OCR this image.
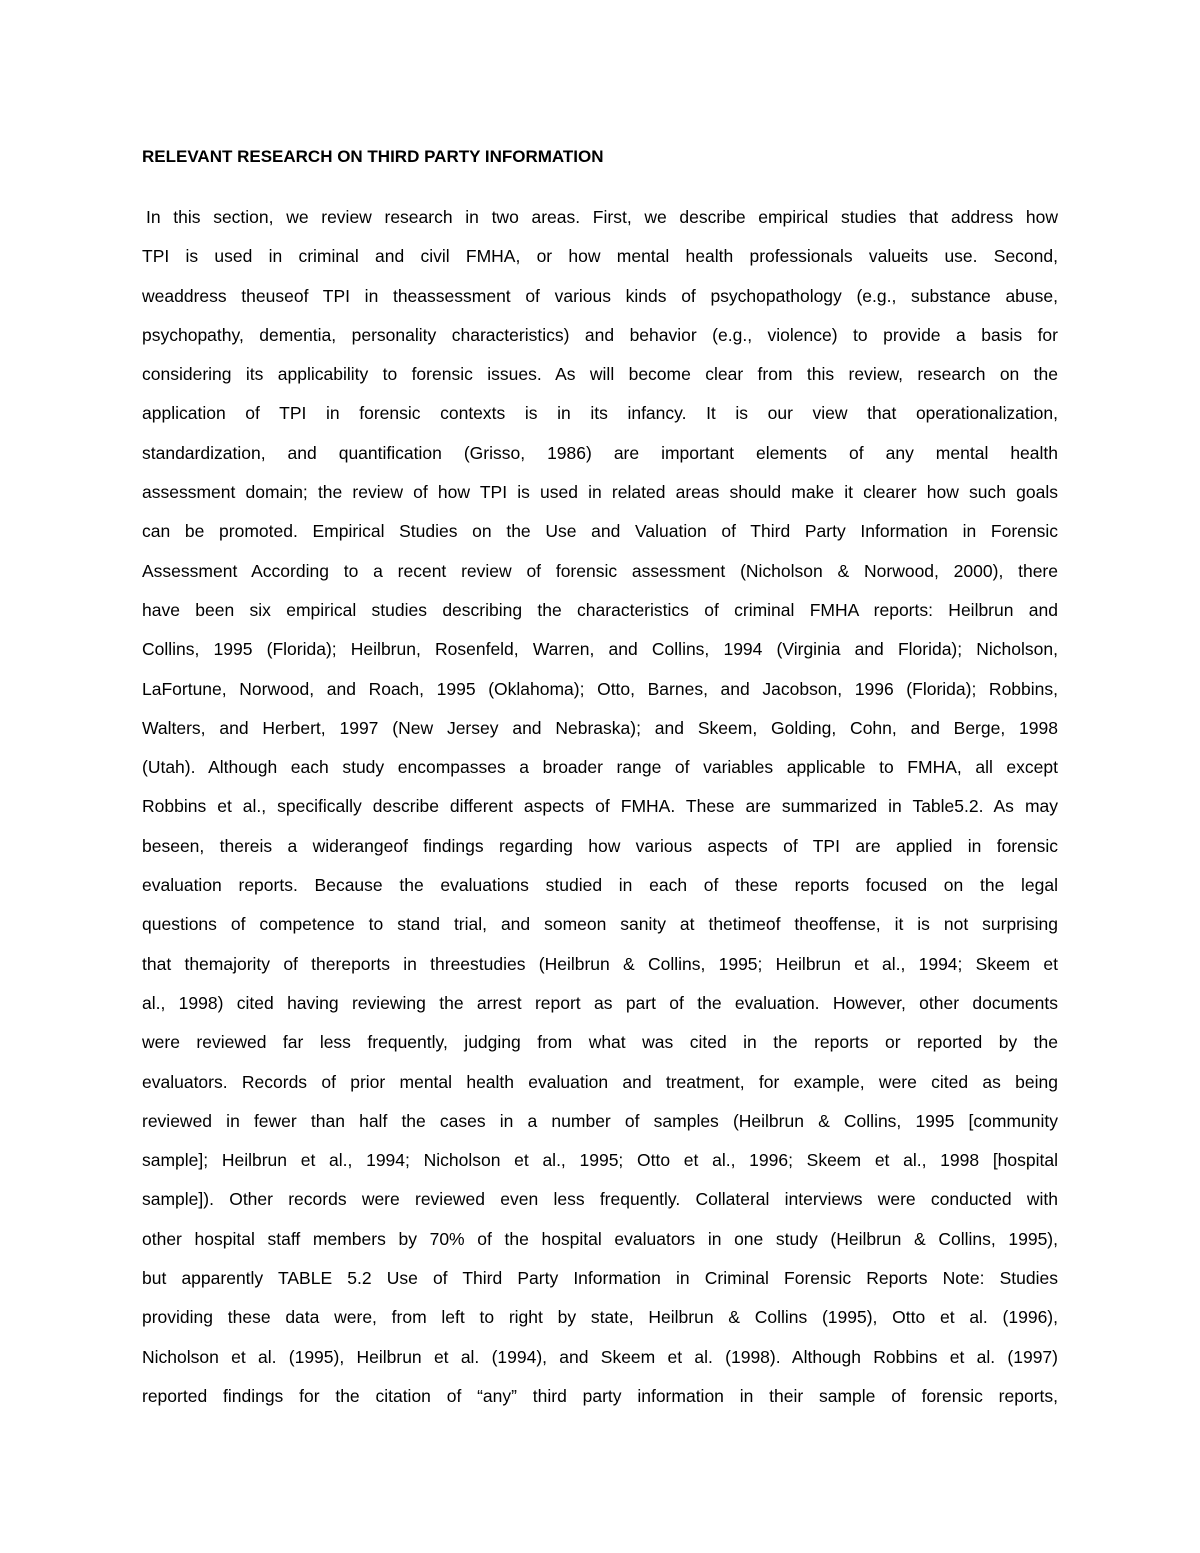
RELEVANT RESEARCH ON THIRD PARTY INFORMATION
In this section, we review research in two areas. First, we describe empirical studies that address how
TPI is used in criminal and civil FMHA, or how mental health professionals valueits use. Second,
weaddress theuseof TPI in theassessment of various kinds of psychopathology (e.g., substance abuse,
psychopathy, dementia, personality characteristics) and behavior (e.g., violence) to provide a basis for
considering its applicability to forensic issues. As will become clear from this review, research on the
application of TPI in forensic contexts is in its infancy. It is our view that operationalization,
standardization, and quantification (Grisso, 1986) are important elements of any mental health
assessment domain; the review of how TPI is used in related areas should make it clearer how such goals
can be promoted. Empirical Studies on the Use and Valuation of Third Party Information in Forensic
Assessment According to a recent review of forensic assessment (Nicholson & Norwood, 2000), there
have been six empirical studies describing the characteristics of criminal FMHA reports: Heilbrun and
Collins, 1995 (Florida); Heilbrun, Rosenfeld, Warren, and Collins, 1994 (Virginia and Florida); Nicholson,
LaFortune, Norwood, and Roach, 1995 (Oklahoma); Otto, Barnes, and Jacobson, 1996 (Florida); Robbins,
Walters, and Herbert, 1997 (New Jersey and Nebraska); and Skeem, Golding, Cohn, and Berge, 1998
(Utah). Although each study encompasses a broader range of variables applicable to FMHA, all except
Robbins et al., specifically describe different aspects of FMHA. These are summarized in Table5.2. As may
beseen, thereis a widerangeof findings regarding how various aspects of TPI are applied in forensic
evaluation reports. Because the evaluations studied in each of these reports focused on the legal
questions of competence to stand trial, and someon sanity at thetimeof theoffense, it is not surprising
that themajority of thereports in threestudies (Heilbrun & Collins, 1995; Heilbrun et al., 1994; Skeem et
al., 1998) cited having reviewing the arrest report as part of the evaluation. However, other documents
were reviewed far less frequently, judging from what was cited in the reports or reported by the
evaluators. Records of prior mental health evaluation and treatment, for example, were cited as being
reviewed in fewer than half the cases in a number of samples (Heilbrun & Collins, 1995 [community
sample]; Heilbrun et al., 1994; Nicholson et al., 1995; Otto et al., 1996; Skeem et al., 1998 [hospital
sample]). Other records were reviewed even less frequently. Collateral interviews were conducted with
other hospital staff members by 70% of the hospital evaluators in one study (Heilbrun & Collins, 1995),
but apparently TABLE 5.2 Use of Third Party Information in Criminal Forensic Reports Note: Studies
providing these data were, from left to right by state, Heilbrun & Collins (1995), Otto et al. (1996),
Nicholson et al. (1995), Heilbrun et al. (1994), and Skeem et al. (1998). Although Robbins et al. (1997)
reported findings for the citation of “any” third party information in their sample of forensic reports,
